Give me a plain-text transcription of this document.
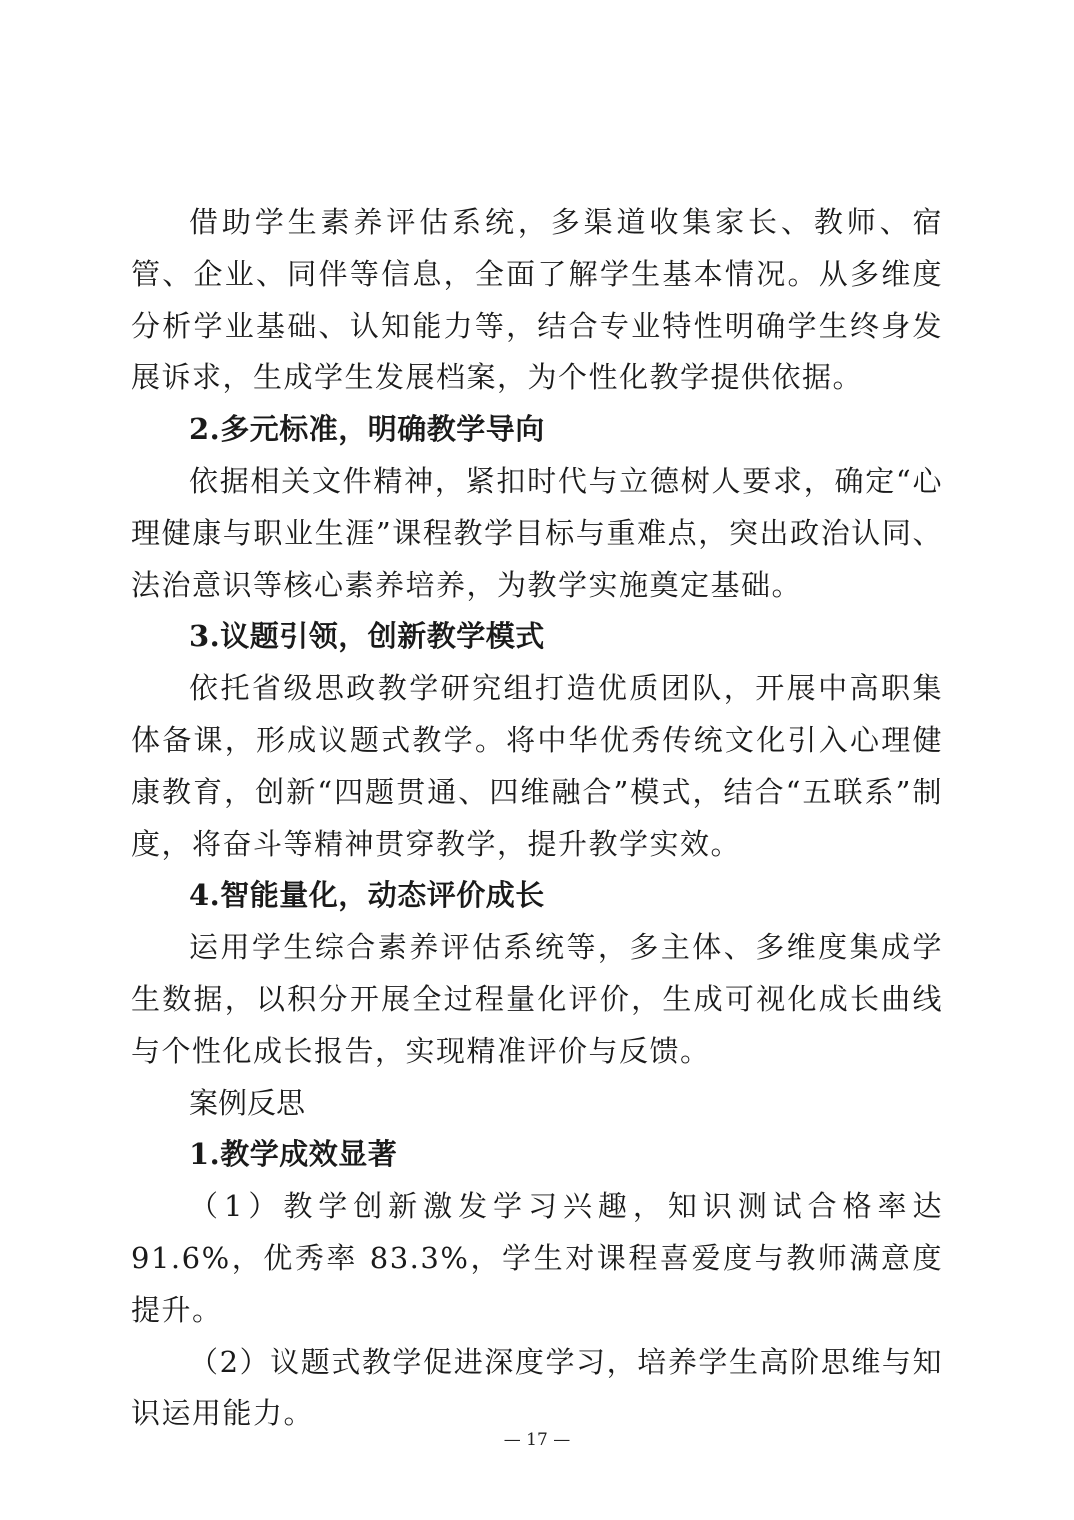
借助学生素养评估系统，多渠道收集家长、教师、宿管、企业、同伴等信息，全面了解学生基本情况。从多维度分析学业基础、认知能力等，结合专业特性明确学生终身发展诉求，生成学生发展档案，为个性化教学提供依据。

2.多元标准，明确教学导向

依据相关文件精神，紧扣时代与立德树人要求，确定“心理健康与职业生涯”课程教学目标与重难点，突出政治认同、法治意识等核心素养培养，为教学实施奠定基础。

3.议题引领，创新教学模式

依托省级思政教学研究组打造优质团队，开展中高职集体备课，形成议题式教学。将中华优秀传统文化引入心理健康教育，创新“四题贯通、四维融合”模式，结合“五联系”制度，将奋斗等精神贯穿教学，提升教学实效。

4.智能量化，动态评价成长

运用学生综合素养评估系统等，多主体、多维度集成学生数据，以积分开展全过程量化评价，生成可视化成长曲线与个性化成长报告，实现精准评价与反馈。

案例反思

1.教学成效显著

（1）教学创新激发学习兴趣，知识测试合格率达 91.6%，优秀率 83.3%，学生对课程喜爱度与教师满意度提升。

（2）议题式教学促进深度学习，培养学生高阶思维与知识运用能力。

— 17 —
